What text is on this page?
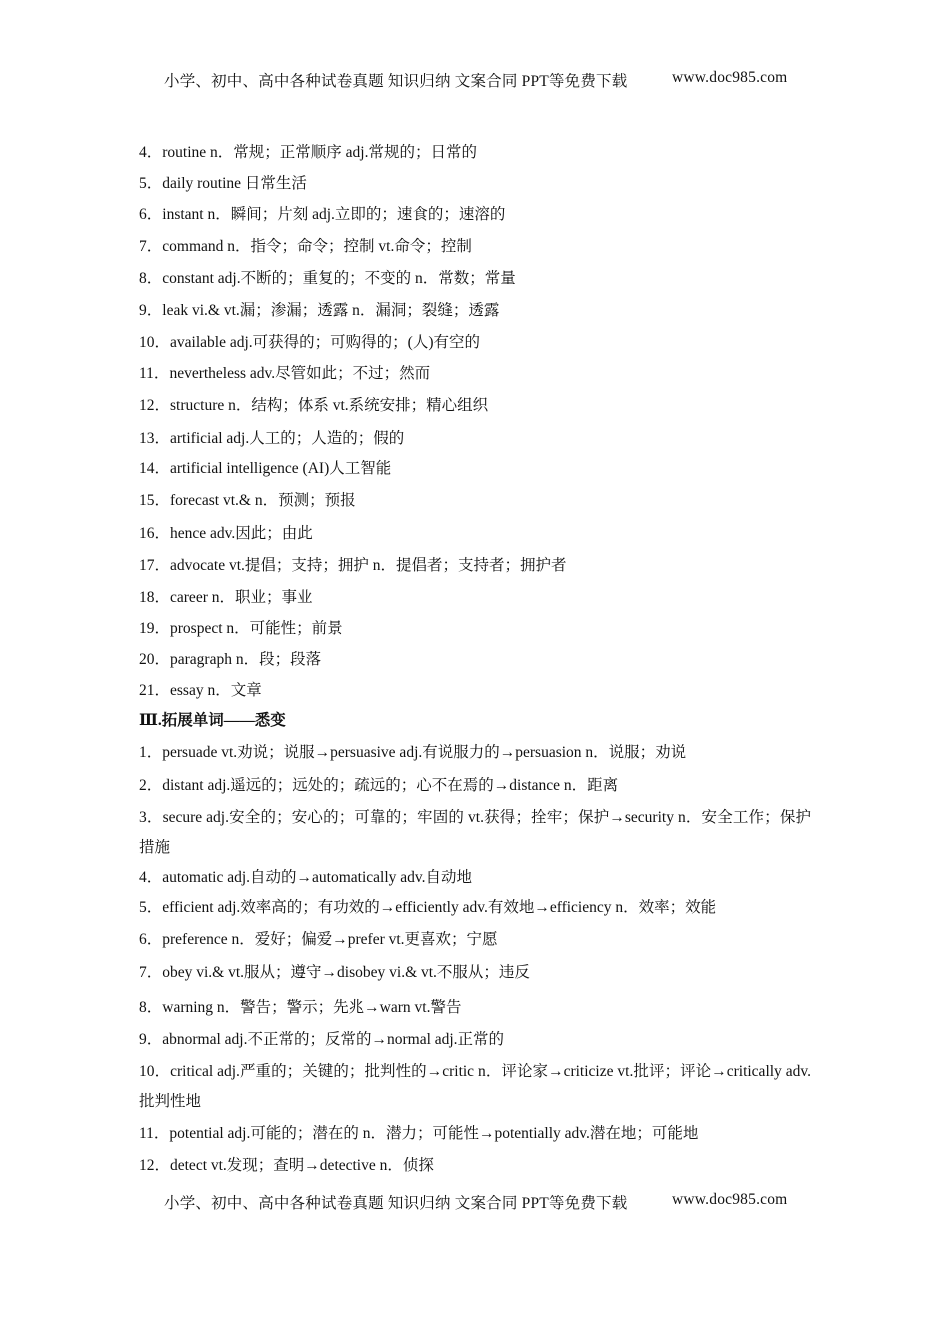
小学、初中、高中各种试卷真题 知识归纳 文案合同 PPT等免费下载	www.doc985.com
4．routine n．常规；正常顺序 adj.常规的；日常的
5．daily routine 日常生活
6．instant n．瞬间；片刻 adj.立即的；速食的；速溶的
7．command n．指令；命令；控制 vt.命令；控制
8．constant adj.不断的；重复的；不变的 n．常数；常量
9．leak vi.& vt.漏；渗漏；透露 n．漏洞；裂缝；透露
10．available adj.可获得的；可购得的；(人)有空的
11．nevertheless adv.尽管如此；不过；然而
12．structure n．结构；体系 vt.系统安排；精心组织
13．artificial adj.人工的；人造的；假的
14．artificial intelligence (AI)人工智能
15．forecast vt.& n．预测；预报
16．hence adv.因此；由此
17．advocate vt.提倡；支持；拥护 n．提倡者；支持者；拥护者
18．career n．职业；事业
19．prospect n．可能性；前景
20．paragraph n．段；段落
21．essay n．文章
Ⅲ.拓展单词——悉变
1．persuade vt.劝说；说服→persuasive adj.有说服力的→persuasion n．说服；劝说
2．distant adj.遥远的；远处的；疏远的；心不在焉的→distance n．距离
3．secure adj.安全的；安心的；可靠的；牢固的 vt.获得；拴牢；保护→security n．安全工作；保护措施
4．automatic adj.自动的→automatically adv.自动地
5．efficient adj.效率高的；有功效的→efficiently adv.有效地→efficiency n．效率；效能
6．preference n．爱好；偏爱→prefer vt.更喜欢；宁愿
7．obey vi.& vt.服从；遵守→disobey vi.& vt.不服从；违反
8．warning n．警告；警示；先兆→warn vt.警告
9．abnormal adj.不正常的；反常的→normal adj.正常的
10．critical adj.严重的；关键的；批判性的→critic n．评论家→criticize vt.批评；评论→critically adv.批判性地
11．potential adj.可能的；潜在的 n．潜力；可能性→potentially adv.潜在地；可能地
12．detect vt.发现；查明→detective n．侦探
小学、初中、高中各种试卷真题 知识归纳 文案合同 PPT等免费下载	www.doc985.com
